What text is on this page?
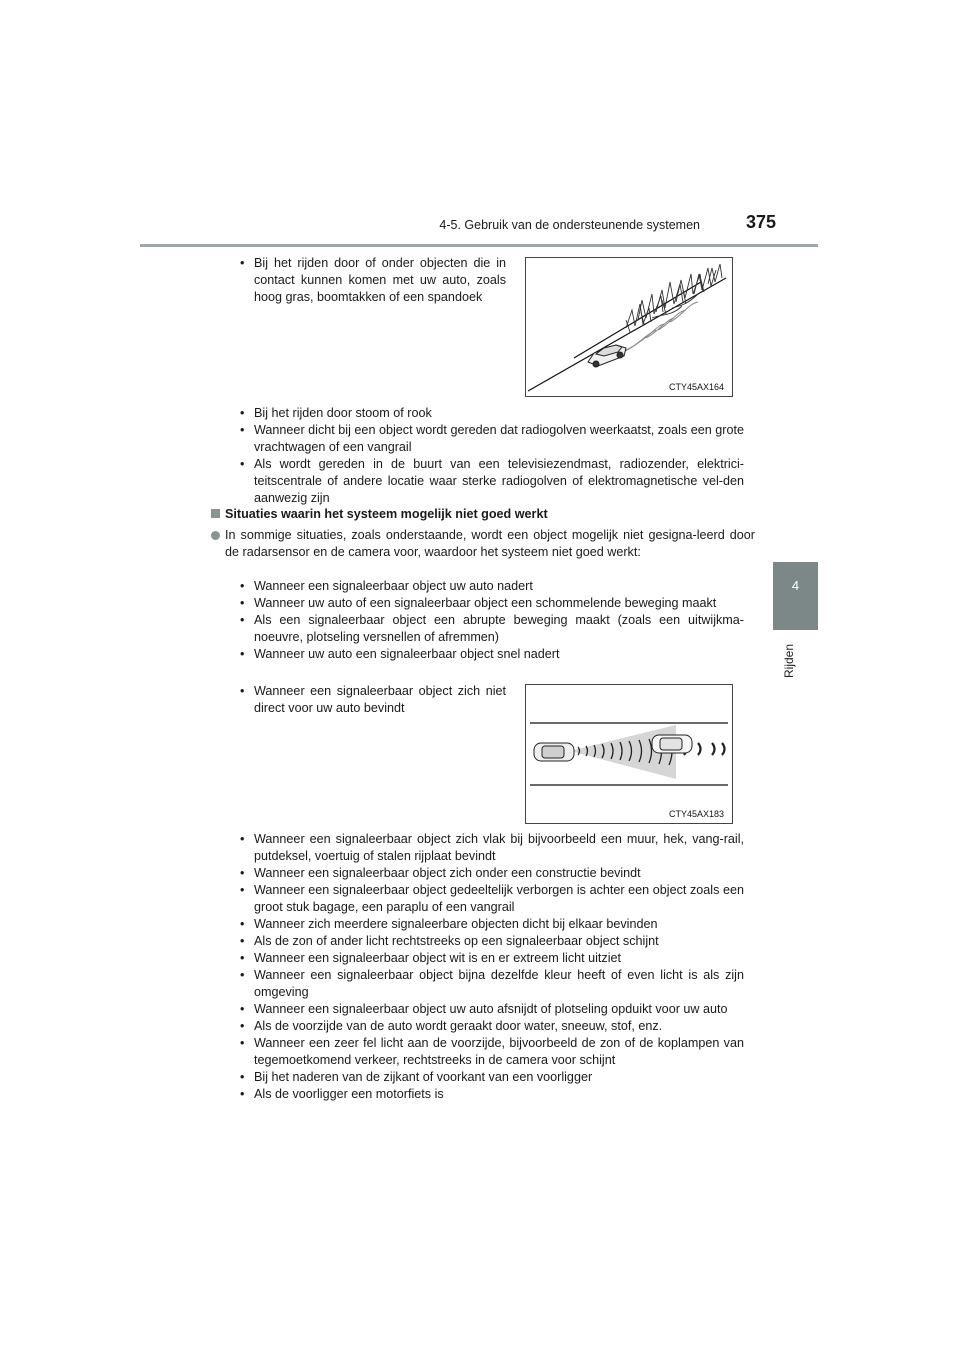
4-5. Gebruik van de ondersteunende systemen	375
4
Rijden
• Bij het rijden door of onder objecten die in contact kunnen komen met uw auto, zoals hoog gras, boomtakken of een spandoek
CTY45AX164
• Bij het rijden door stoom of rook
• Wanneer dicht bij een object wordt gereden dat radiogolven weerkaatst, zoals een grote vrachtwagen of een vangrail
• Als wordt gereden in de buurt van een televisiezendmast, radiozender, elektrici-teitscentrale of andere locatie waar sterke radiogolven of elektromagnetische vel-den aanwezig zijn
Situaties waarin het systeem mogelijk niet goed werkt
In sommige situaties, zoals onderstaande, wordt een object mogelijk niet gesigna-leerd door de radarsensor en de camera voor, waardoor het systeem niet goed werkt:
• Wanneer een signaleerbaar object uw auto nadert
• Wanneer uw auto of een signaleerbaar object een schommelende beweging maakt
• Als een signaleerbaar object een abrupte beweging maakt (zoals een uitwijkma-noeuvre, plotseling versnellen of afremmen)
• Wanneer uw auto een signaleerbaar object snel nadert
• Wanneer een signaleerbaar object zich niet direct voor uw auto bevindt
CTY45AX183
• Wanneer een signaleerbaar object zich vlak bij bijvoorbeeld een muur, hek, vang-rail, putdeksel, voertuig of stalen rijplaat bevindt
• Wanneer een signaleerbaar object zich onder een constructie bevindt
• Wanneer een signaleerbaar object gedeeltelijk verborgen is achter een object zoals een groot stuk bagage, een paraplu of een vangrail
• Wanneer zich meerdere signaleerbare objecten dicht bij elkaar bevinden
• Als de zon of ander licht rechtstreeks op een signaleerbaar object schijnt
• Wanneer een signaleerbaar object wit is en er extreem licht uitziet
• Wanneer een signaleerbaar object bijna dezelfde kleur heeft of even licht is als zijn omgeving
• Wanneer een signaleerbaar object uw auto afsnijdt of plotseling opduikt voor uw auto
• Als de voorzijde van de auto wordt geraakt door water, sneeuw, stof, enz.
• Wanneer een zeer fel licht aan de voorzijde, bijvoorbeeld de zon of de koplampen van tegemoetkomend verkeer, rechtstreeks in de camera voor schijnt
• Bij het naderen van de zijkant of voorkant van een voorligger
• Als de voorligger een motorfiets is
